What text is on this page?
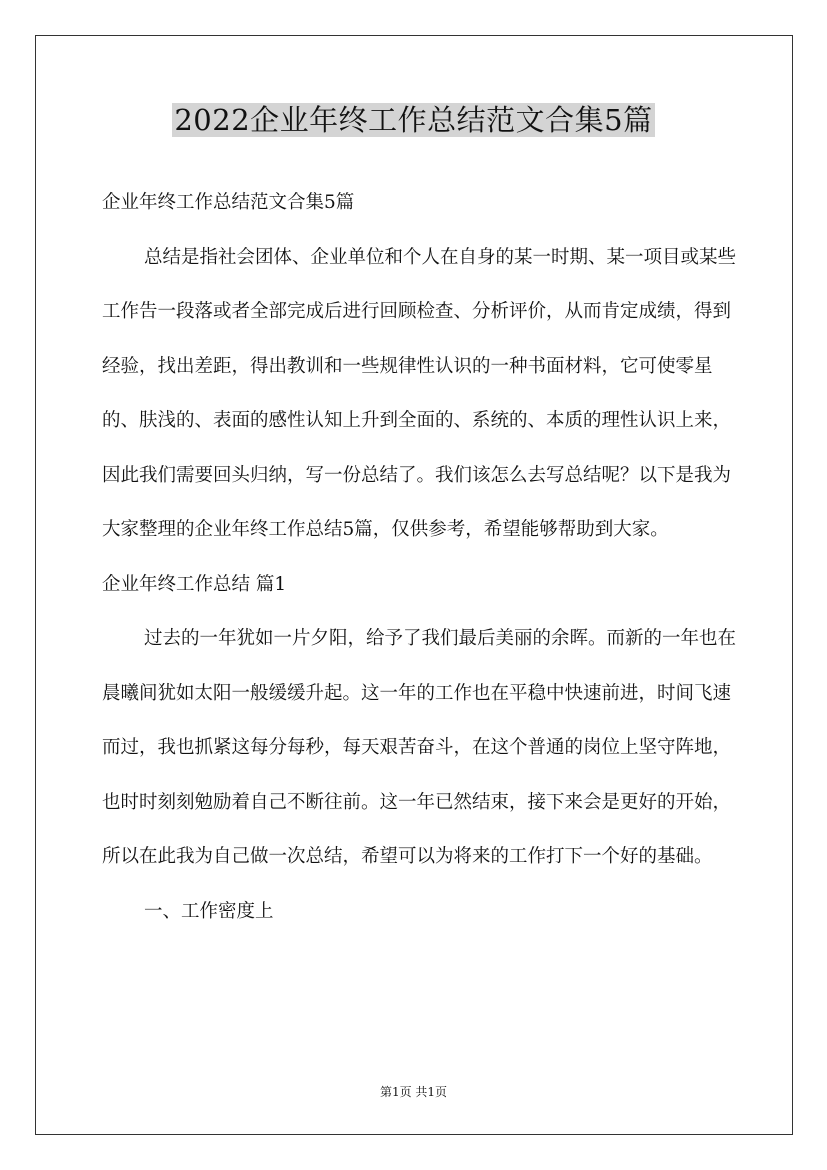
2022企业年终工作总结范文合集5篇

企业年终工作总结范文合集5篇

总结是指社会团体、企业单位和个人在自身的某一时期、某一项目或某些工作告一段落或者全部完成后进行回顾检查、分析评价，从而肯定成绩，得到经验，找出差距，得出教训和一些规律性认识的一种书面材料，它可使零星的、肤浅的、表面的感性认知上升到全面的、系统的、本质的理性认识上来，因此我们需要回头归纳，写一份总结了。我们该怎么去写总结呢？以下是我为大家整理的企业年终工作总结5篇，仅供参考，希望能够帮助到大家。

企业年终工作总结 篇1

过去的一年犹如一片夕阳，给予了我们最后美丽的余晖。而新的一年也在晨曦间犹如太阳一般缓缓升起。这一年的工作也在平稳中快速前进，时间飞速而过，我也抓紧这每分每秒，每天艰苦奋斗，在这个普通的岗位上坚守阵地，也时时刻刻勉励着自己不断往前。这一年已然结束，接下来会是更好的开始，所以在此我为自己做一次总结，希望可以为将来的工作打下一个好的基础。

一、工作密度上

第1页 共1页
